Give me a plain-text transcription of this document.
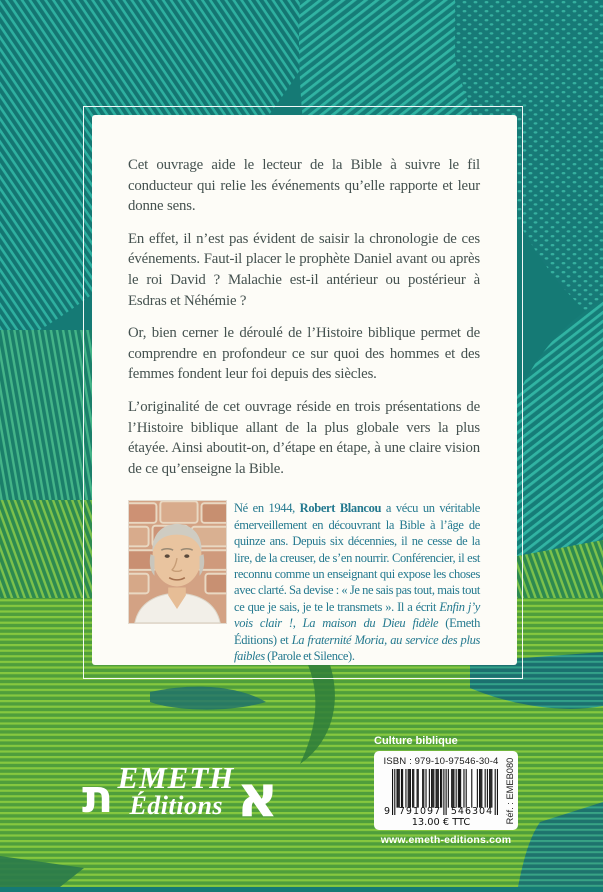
Cet ouvrage aide le lecteur de la Bible à suivre le fil conducteur qui relie les événements qu’elle rapporte et leur donne sens.

En effet, il n’est pas évident de saisir la chronologie de ces événements. Faut-il placer le prophète Daniel avant ou après le roi David ? Malachie est-il antérieur ou postérieur à Esdras et Néhémie ?

Or, bien cerner le déroulé de l’Histoire biblique permet de comprendre en profondeur ce sur quoi des hommes et des femmes fondent leur foi depuis des siècles.

L’originalité de cet ouvrage réside en trois présentations de l’Histoire biblique allant de la plus globale vers la plus étayée. Ainsi aboutit-on, d’étape en étape, à une claire vision de ce qu’enseigne la Bible.

Né en 1944, Robert Blancou a vécu un véritable émerveillement en découvrant la Bible à l’âge de quinze ans. Depuis six décennies, il ne cesse de la lire, de la creuser, de s’en nourrir. Conférencier, il est reconnu comme un enseignant qui expose les choses avec clarté. Sa devise : « Je ne sais pas tout, mais tout ce que je sais, je te le transmets ». Il a écrit Enfin j’y vois clair !, La maison du Dieu fidèle (Emeth Éditions) et La fraternité Moria, au service des plus faibles (Parole et Silence).

ת EMETH
Éditions א
Culture biblique
ISBN : 979-10-97546-30-4
9 791097	546304
13.00 € TTC	Réf. : EMEB080
www.emeth-editions.com
